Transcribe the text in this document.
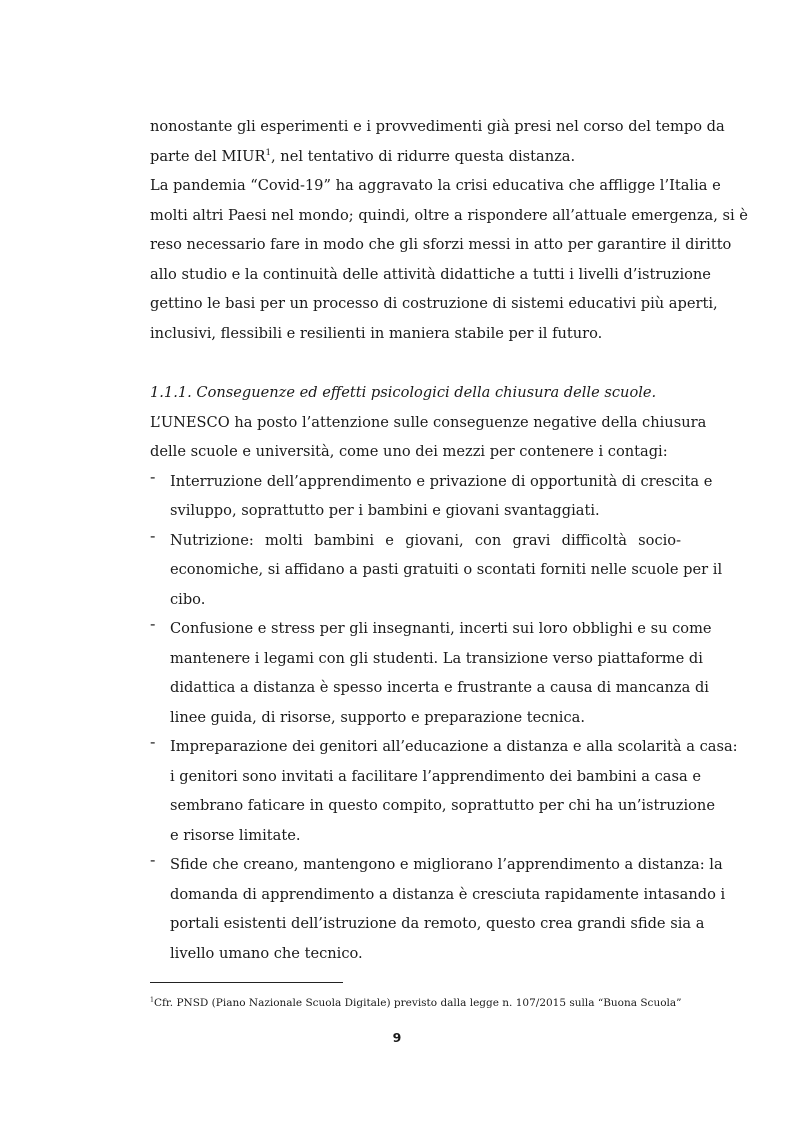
nonostante gli esperimenti e i provvedimenti già presi nel corso del tempo da
parte del MIUR$^1$, nel tentativo di ridurre questa distanza.
La pandemia “Covid-19” ha aggravato la crisi educativa che affligge l’Italia e
molti altri Paesi nel mondo; quindi, oltre a rispondere all’attuale emergenza, si è
reso necessario fare in modo che gli sforzi messi in atto per garantire il diritto
allo studio e la continuità delle attività didattiche a tutti i livelli d’istruzione
gettino le basi per un processo di costruzione di sistemi educativi più aperti,
inclusivi, flessibili e resilienti in maniera stabile per il futuro.
1.1.1. Conseguenze ed effetti psicologici della chiusura delle scuole.
L’UNESCO ha posto l’attenzione sulle conseguenze negative della chiusura
delle scuole e università, come uno dei mezzi per contenere i contagi:
- Interruzione dell’apprendimento e privazione di opportunità di crescita e
sviluppo, soprattutto per i bambini e giovani svantaggiati.
- Nutrizione: molti bambini e giovani, con gravi difficoltà socio-
economiche, si affidano a pasti gratuiti o scontati forniti nelle scuole per il
cibo.
- Confusione e stress per gli insegnanti, incerti sui loro obblighi e su come
mantenere i legami con gli studenti. La transizione verso piattaforme di
didattica a distanza è spesso incerta e frustrante a causa di mancanza di
linee guida, di risorse, supporto e preparazione tecnica.
- Impreparazione dei genitori all’educazione a distanza e alla scolarità a casa:
i genitori sono invitati a facilitare l’apprendimento dei bambini a casa e
sembrano faticare in questo compito, soprattutto per chi ha un’istruzione
e risorse limitate.
- Sfide che creano, mantengono e migliorano l’apprendimento a distanza: la
domanda di apprendimento a distanza è cresciuta rapidamente intasando i
portali esistenti dell’istruzione da remoto, questo crea grandi sfide sia a
livello umano che tecnico.
$^1$Cfr. PNSD (Piano Nazionale Scuola Digitale) previsto dalla legge n. 107/2015 sulla “Buona Scuola”
9
